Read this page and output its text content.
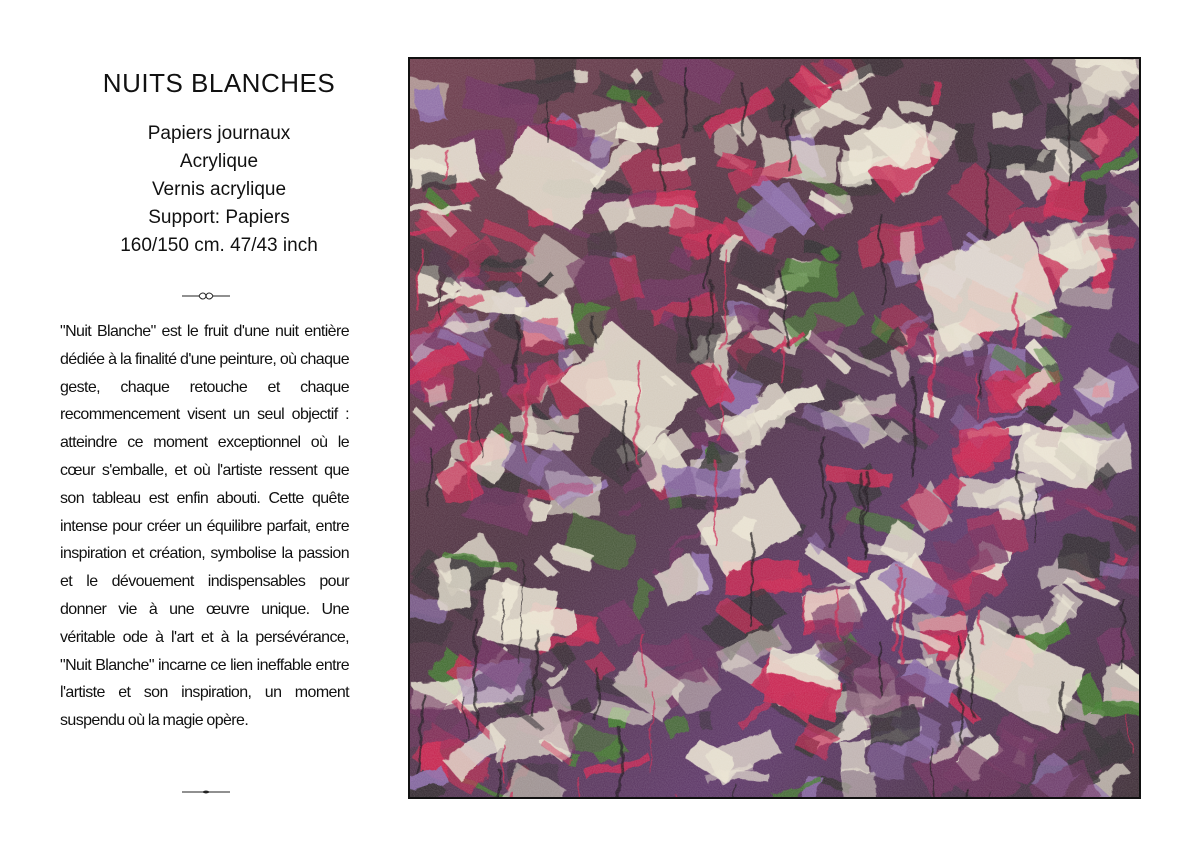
NUITS BLANCHES
Papiers journaux
Acrylique
Vernis acrylique
Support: Papiers
160/150 cm. 47/43 inch
"Nuit Blanche" est le fruit d'une nuit entière dédiée à la finalité d'une peinture, où chaque geste, chaque retouche et chaque recommencement visent un seul objectif : atteindre ce moment exceptionnel où le cœur s'emballe, et où l'artiste ressent que son tableau est enfin abouti. Cette quête intense pour créer un équilibre parfait, entre inspiration et création, symbolise la passion et le dévouement indispensables pour donner vie à une œuvre unique. Une véritable ode à l'art et à la persévérance, "Nuit Blanche" incarne ce lien ineffable entre l'artiste et son inspiration, un moment suspendu où la magie opère.
